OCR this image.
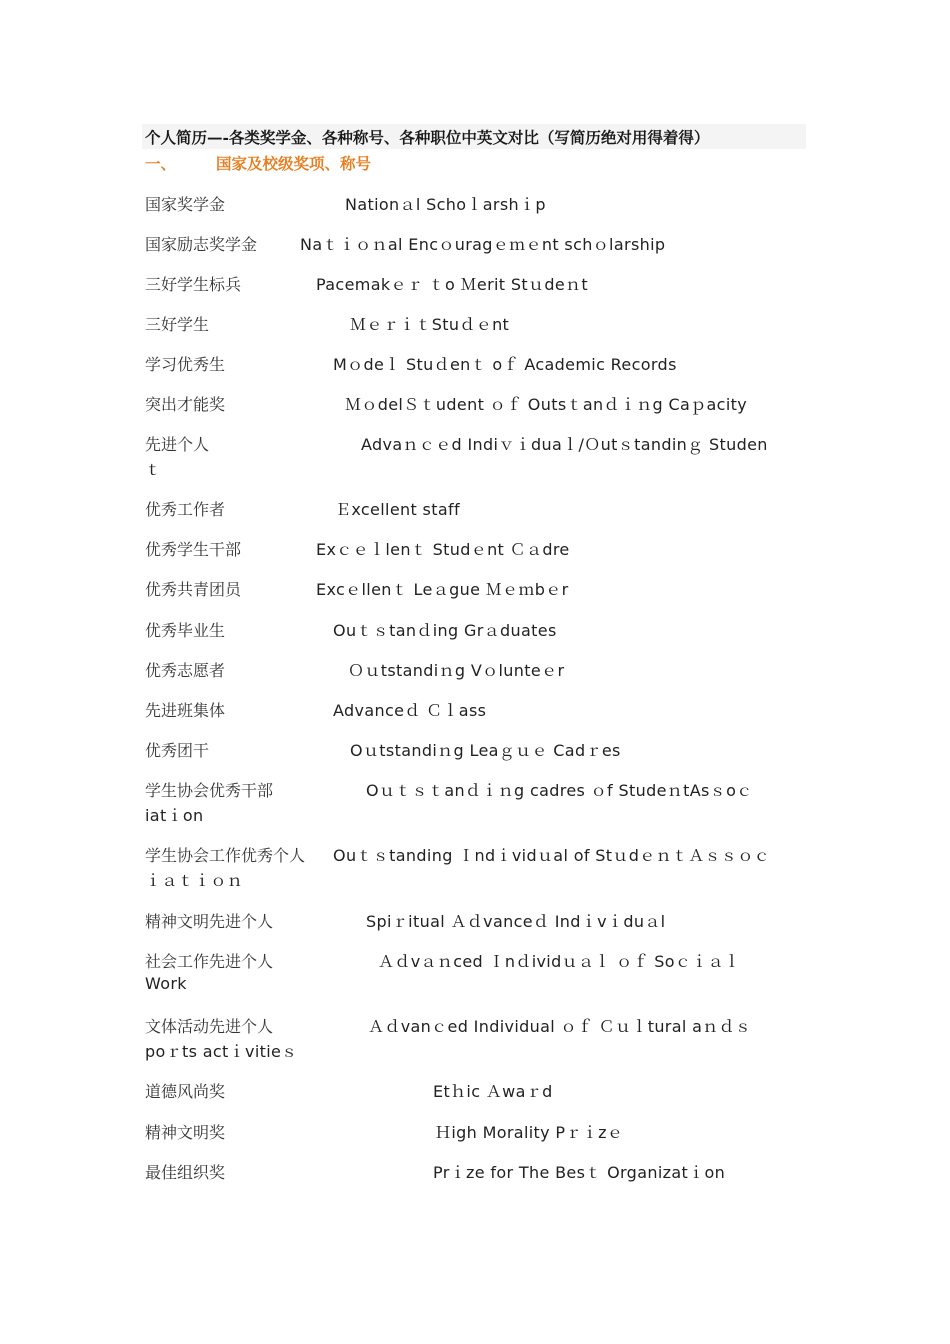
个人简历—-各类奖学金、各种称号、各种职位中英文对比（写简历绝对用得着得）
一、	国家及校级奖项、称号
国家奖学金	Nationａl Schoｌarshｉp
国家励志奖学金	Naｔｉｏｎal Encｏuragｅｍｅnt schｏlarship
三好学生标兵	Pacemakｅｒ ｔo Ｍerit Stｕdeｎt
三好学生	ＭｅｒｉｔStuｄｅnt
学习优秀生	Mｏdeｌ Stuｄenｔ oｆ Academic Records
突出才能奖	ＭｏdelＳｔudent ｏｆ Outsｔanｄｉｎg Caｐacity
先进个人	Advaｎｃｅd Indiｖｉduaｌ/Ｏutｓtandinｇ Studen
ｔ
优秀工作者	Ｅxcellent staff
优秀学生干部	Exｃｅｌlenｔ Studｅnt Ｃａdre
优秀共青团员	Excｅllenｔ Leａgue Ｍｅｍbｅr
优秀毕业生	Ouｔｓtanｄing Grａduates
优秀志愿者	Ｏｕtstandiｎg Vｏlunteｅr
先进班集体	Advanceｄ Ｃｌass
优秀团干	Oｕtstandiｎg Leaｇｕｅ Cadｒes
学生协会优秀干部	Oｕｔｓｔanｄｉｎg cadres ｏf StudeｎtAsｓoｃ
iatｉon
学生协会工作优秀个人 Ouｔｓtanding Ｉndｉvidｕal of StｕdｅｎｔＡｓｓｏｃ
ｉａｔｉｏｎ
精神文明先进个人	Spiｒitual Ａｄvanceｄ Indｉvｉduａl
社会工作先进个人	Ａｄvａｎced Ｉnｄividｕａｌ ｏｆ Soｃｉａｌ
Work
文体活动先进个人	Ａｄvanｃed Individual ｏｆ Ｃｕｌtural aｎｄｓ
poｒts actｉvitieｓ
道德风尚奖	Etｈic Ａwaｒd
精神文明奖	Ｈigh Morality Pｒｉzｅ
最佳组织奖	Prｉze for The Besｔ Organizatｉon
